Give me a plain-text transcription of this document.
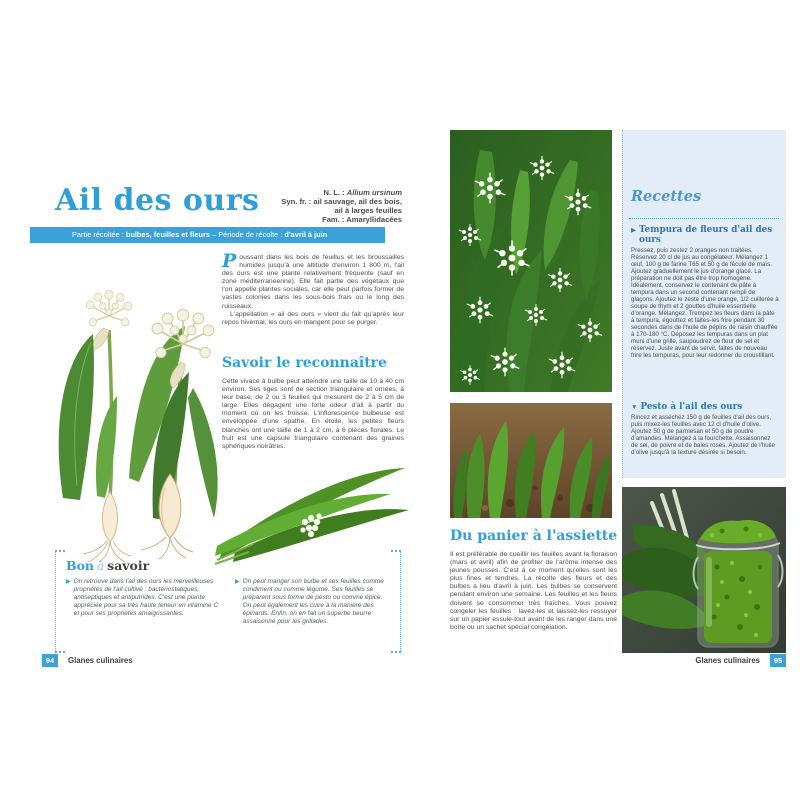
Ail des ours	N. L. : Allium ursinum
Syn. fr. : ail sauvage, ail des bois,
ail à larges feuilles
Fam. : Amaryllidacées
Partie récoltée : bulbes, feuilles et fleurs – Période de récolte : d'avril à juin

Poussant dans les bois de feuillus et les broussailles humides jusqu'à une altitude d'environ 1 800 m, l'ail des ours est une plante relativement fréquente (sauf en zone méditerranéenne). Elle fait partie des végétaux que l'on appelle plantes sociales, car elle peut parfois former de vastes colonies dans les sous-bois frais ou le long des ruisseaux.

L'appellation « ail des ours » vient du fait qu'après leur repos hivernal, les ours en mangent pour se purger.

Savoir le reconnaître
Cette vivace à bulbe peut atteindre une taille de 10 à 40 cm environ. Ses tiges sont de section triangulaire et ornées, à leur base, de 2 ou 3 feuilles qui mesurent de 2 à 5 cm de large. Elles dégagent une forte odeur d'ail à partir du moment où on les froisse. L'inflorescence bulbeuse est enveloppée d'une spathe. En étoile, les petites fleurs blanches ont une taille de 1 à 2 cm, à 6 pièces florales. Le fruit est une capsule triangulaire contenant des graines sphériques noirâtres.
Bon à savoir
▶ On retrouve dans l'ail des ours les merveilleuses propriétés de l'ail cultivé : bactériostatiques, antiseptiques et antiputrides. C'est une plante appréciée pour sa très haute teneur en vitamine C et pour ses propriétés amaigrissantes.
▶ On peut manger son bulbe et ses feuilles comme condiment ou comme légume. Ses feuilles se préparent sous forme de pesto ou comme épice. On peut également les cuire à la manière des épinards. Enfin, on en fait un superbe beurre assaisonné pour les grillades.
94	Glanes culinaires
Du panier à l'assiette
Il est préférable de cueillir les feuilles avant la floraison (mars et avril) afin de profiter de l'arôme intense des jeunes pousses. C'est à ce moment qu'elles sont les plus fines et tendres. La récolte des fleurs et des bulbes a lieu d'avril à juin. Les bulbes se conservent pendant environ une semaine. Les feuilles et les fleurs doivent se consommer très fraîches. Vous pouvez congeler les feuilles : lavez-les et laissez-les ressuyer sur un papier essuie-tout avant de les ranger dans une boîte ou un sachet spécial congélation.
Recettes
▶ Tempura de fleurs d'ail des ours
Pressez, puis zestez 2 oranges non traitées. Réservez 20 cl de jus au congélateur. Mélangez 1 œuf, 100 g de farine T65 et 50 g de fécule de maïs. Ajoutez graduellement le jus d'orange glacé. La préparation ne doit pas être trop homogène. Idéalement, conservez le contenant de pâte à tempura dans un second contenant rempli de glaçons. Ajoutez le zeste d'une orange, 1/2 cuillerée à soupe de thym et 2 gouttes d'huile essentielle d'orange. Mélangez. Trempez les fleurs dans la pâte à tempura, égouttez et faites-les frire pendant 30 secondes dans de l'huile de pépins de raisin chauffée à 170-180 °C. Déposez les tempuras dans un plat muni d'une grille, saupoudrez de fleur de sel et réservez. Juste avant de servir, faites de nouveau frire les tempuras, pour leur redonner du croustillant.
▼ Pesto à l'ail des ours
Rincez et asséchez 150 g de feuilles d'ail des ours, puis mixez-les feuilles avec 12 cl d'huile d'olive. Ajoutez 50 g de parmesan et 50 g de poudre d'amandes. Mélangez à la fourchette. Assaisonnez de sel, de poivre et de baies roses. Ajoutez de l'huile d'olive jusqu'à la texture désirée si besoin.
Glanes culinaires	95
